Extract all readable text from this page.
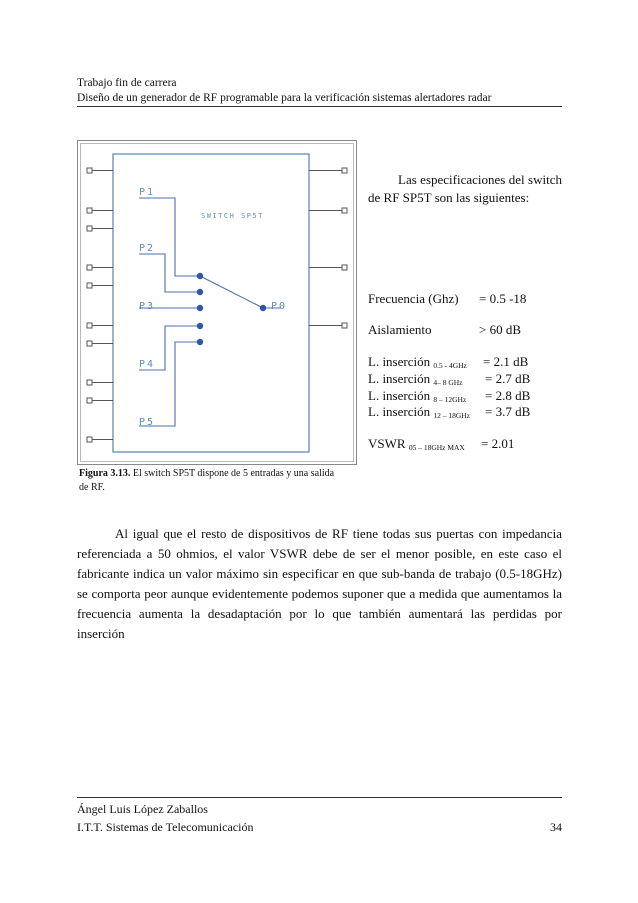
Trabajo fin de carrera
Diseño de un generador de RF programable para la verificación sistemas alertadores radar
P1
P2
P3
P4
P5
P0
SWITCH SP5T
Figura 3.13. El switch SP5T dispone de 5 entradas y una salida de RF.
Las especificaciones del switch de RF SP5T son las siguientes:
Frecuencia (Ghz) = 0.5 -18
Aislamiento	> 60 dB
L. inserción $_{0.5 - 4GHz}$ = 2.1 dB
L. inserción $_{4- 8 GHz}$ = 2.7 dB
L. inserción $_{8 - 12GHz}$ = 2.8 dB
L. inserción $_{12 - 18GHz}$ = 3.7 dB
VSWR $_{05 - 18GHz MAX}$ = 2.01
Al igual que el resto de dispositivos de RF tiene todas sus puertas con impedancia referenciada a 50 ohmios, el valor VSWR debe de ser el menor posible, en este caso el fabricante indica un valor máximo sin especificar en que sub-banda de trabajo (0.5-18GHz) se comporta peor aunque evidentemente podemos suponer que a medida que aumentamos la frecuencia aumenta la desadaptación por lo que también aumentará las perdidas por inserción
Ángel Luis López Zaballos
I.T.T. Sistemas de Telecomunicación	34
